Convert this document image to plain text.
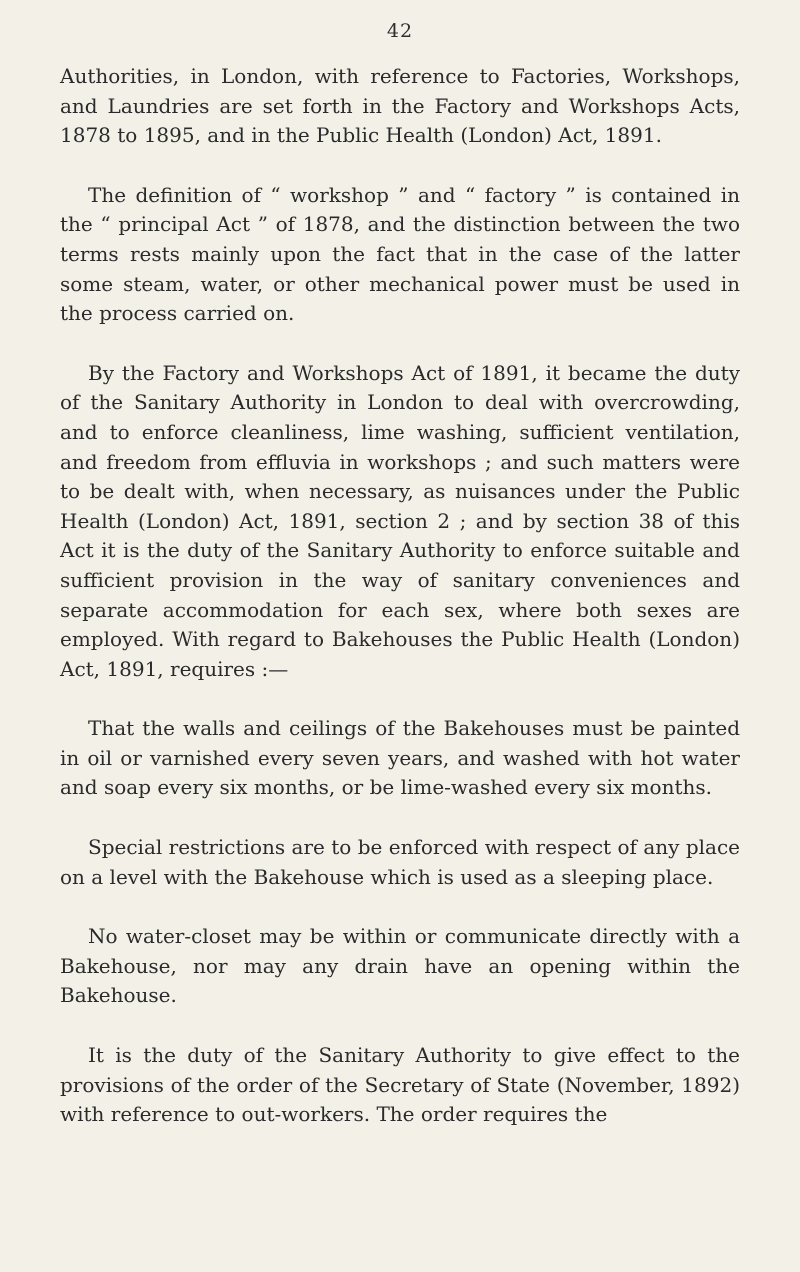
42

Authorities, in London, with reference to Factories, Workshops, and Laundries are set forth in the Factory and Workshops Acts, 1878 to 1895, and in the Public Health (London) Act, 1891.

The definition of “ workshop ” and “ factory ” is contained in the “ principal Act ” of 1878, and the distinction between the two terms rests mainly upon the fact that in the case of the latter some steam, water, or other mechanical power must be used in the process carried on.

By the Factory and Workshops Act of 1891, it became the duty of the Sanitary Authority in London to deal with overcrowding, and to enforce cleanliness, lime washing, sufficient ventilation, and freedom from effluvia in workshops ; and such matters were to be dealt with, when necessary, as nuisances under the Public Health (London) Act, 1891, section 2 ; and by section 38 of this Act it is the duty of the Sanitary Authority to enforce suitable and sufficient provision in the way of sanitary conveniences and separate accommodation for each sex, where both sexes are employed. With regard to Bakehouses the Public Health (London) Act, 1891, requires :—

That the walls and ceilings of the Bakehouses must be painted in oil or varnished every seven years, and washed with hot water and soap every six months, or be lime-washed every six months.

Special restrictions are to be enforced with respect of any place on a level with the Bakehouse which is used as a sleeping place.

No water-closet may be within or communicate directly with a Bakehouse, nor may any drain have an opening within the Bakehouse.

It is the duty of the Sanitary Authority to give effect to the provisions of the order of the Secretary of State (November, 1892) with reference to out-workers. The order requires the
